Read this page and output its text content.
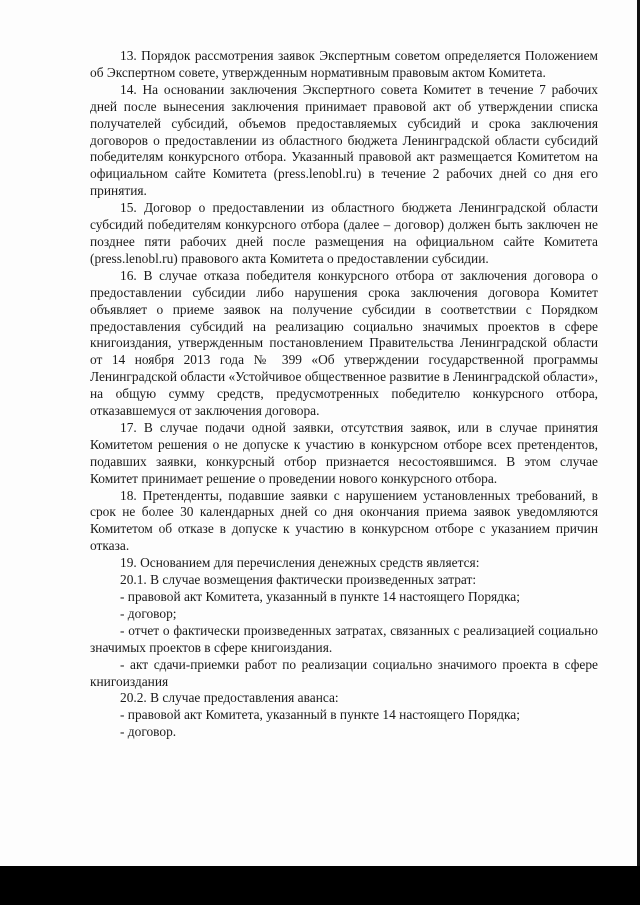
13. Порядок рассмотрения заявок Экспертным советом определяется Положением об Экспертном совете, утвержденным нормативным правовым актом Комитета.

14. На основании заключения Экспертного совета Комитет в течение 7 рабочих дней после вынесения заключения принимает правовой акт об утверждении списка получателей субсидий, объемов предоставляемых субсидий и срока заключения договоров о предоставлении из областного бюджета Ленинградской области субсидий победителям конкурсного отбора. Указанный правовой акт размещается Комитетом на официальном сайте Комитета (press.lenobl.ru) в течение 2 рабочих дней со дня его принятия.

15. Договор о предоставлении из областного бюджета Ленинградской области субсидий победителям конкурсного отбора (далее – договор) должен быть заключен не позднее пяти рабочих дней после размещения на официальном сайте Комитета (press.lenobl.ru) правового акта Комитета о предоставлении субсидии.

16. В случае отказа победителя конкурсного отбора от заключения договора о предоставлении субсидии либо нарушения срока заключения договора Комитет объявляет о приеме заявок на получение субсидии в соответствии с Порядком предоставления субсидий на реализацию социально значимых проектов в сфере книгоиздания, утвержденным постановлением Правительства Ленинградской области от 14 ноября 2013 года № 399 «Об утверждении государственной программы Ленинградской области «Устойчивое общественное развитие в Ленинградской области», на общую сумму средств, предусмотренных победителю конкурсного отбора, отказавшемуся от заключения договора.

17. В случае подачи одной заявки, отсутствия заявок, или в случае принятия Комитетом решения о не допуске к участию в конкурсном отборе всех претендентов, подавших заявки, конкурсный отбор признается несостоявшимся. В этом случае Комитет принимает решение о проведении нового конкурсного отбора.

18. Претенденты, подавшие заявки с нарушением установленных требований, в срок не более 30 календарных дней со дня окончания приема заявок уведомляются Комитетом об отказе в допуске к участию в конкурсном отборе с указанием причин отказа.

19. Основанием для перечисления денежных средств является:

20.1. В случае возмещения фактически произведенных затрат:

- правовой акт Комитета, указанный в пункте 14 настоящего Порядка;

- договор;

- отчет о фактически произведенных затратах, связанных с реализацией социально значимых проектов в сфере книгоиздания.

- акт сдачи-приемки работ по реализации социально значимого проекта в сфере книгоиздания

20.2. В случае предоставления аванса:

- правовой акт Комитета, указанный в пункте 14 настоящего Порядка;

- договор.
